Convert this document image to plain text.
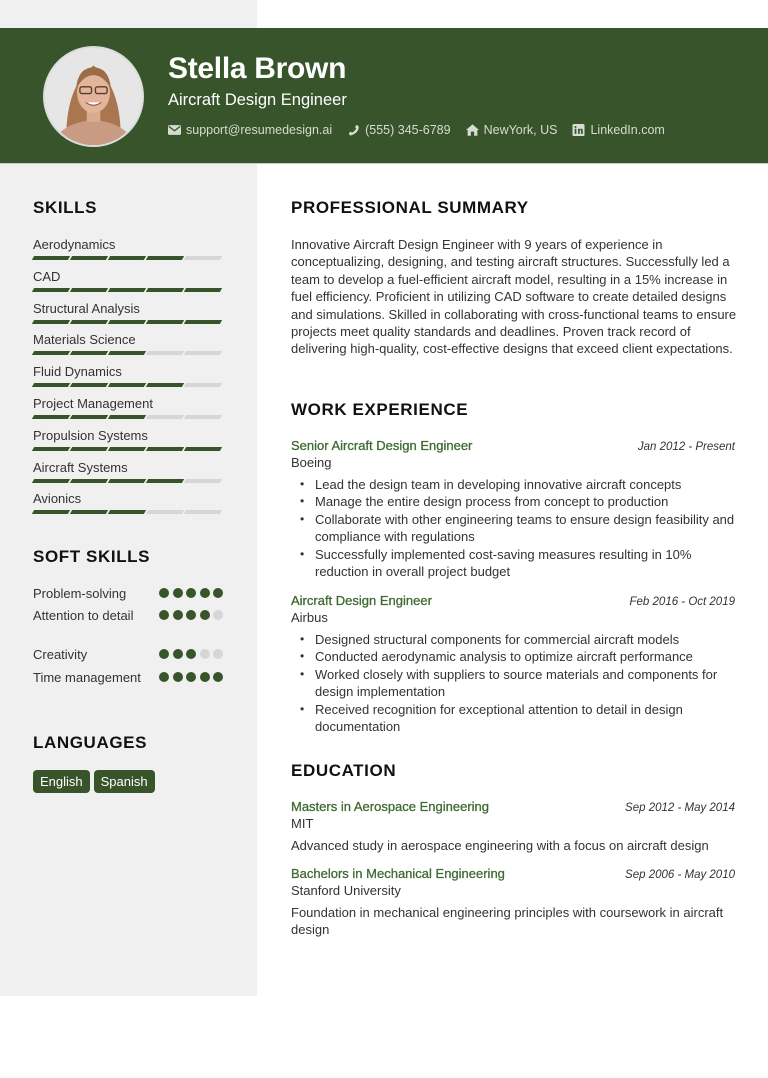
Stella Brown
Aircraft Design Engineer
support@resumedesign.ai	(555) 345-6789	NewYork, US	LinkedIn.com
SKILLS
Aerodynamics
CAD
Structural Analysis
Materials Science
Fluid Dynamics
Project Management
Propulsion Systems
Aircraft Systems
Avionics
SOFT SKILLS
Problem-solving
Attention to detail
Creativity
Time management
LANGUAGES
English	Spanish
PROFESSIONAL SUMMARY
Innovative Aircraft Design Engineer with 9 years of experience in conceptualizing, designing, and testing aircraft structures. Successfully led a team to develop a fuel-efficient aircraft model, resulting in a 15% increase in fuel efficiency. Proficient in utilizing CAD software to create detailed designs and simulations. Skilled in collaborating with cross-functional teams to ensure projects meet quality standards and deadlines. Proven track record of delivering high-quality, cost-effective designs that exceed client expectations.
WORK EXPERIENCE
Senior Aircraft Design Engineer	Jan 2012 - Present
Boeing
• Lead the design team in developing innovative aircraft concepts
• Manage the entire design process from concept to production
• Collaborate with other engineering teams to ensure design feasibility and compliance with regulations
• Successfully implemented cost-saving measures resulting in 10% reduction in overall project budget
Aircraft Design Engineer	Feb 2016 - Oct 2019
Airbus
• Designed structural components for commercial aircraft models
• Conducted aerodynamic analysis to optimize aircraft performance
• Worked closely with suppliers to source materials and components for design implementation
• Received recognition for exceptional attention to detail in design documentation
EDUCATION
Masters in Aerospace Engineering	Sep 2012 - May 2014
MIT
Advanced study in aerospace engineering with a focus on aircraft design
Bachelors in Mechanical Engineering	Sep 2006 - May 2010
Stanford University
Foundation in mechanical engineering principles with coursework in aircraft design
